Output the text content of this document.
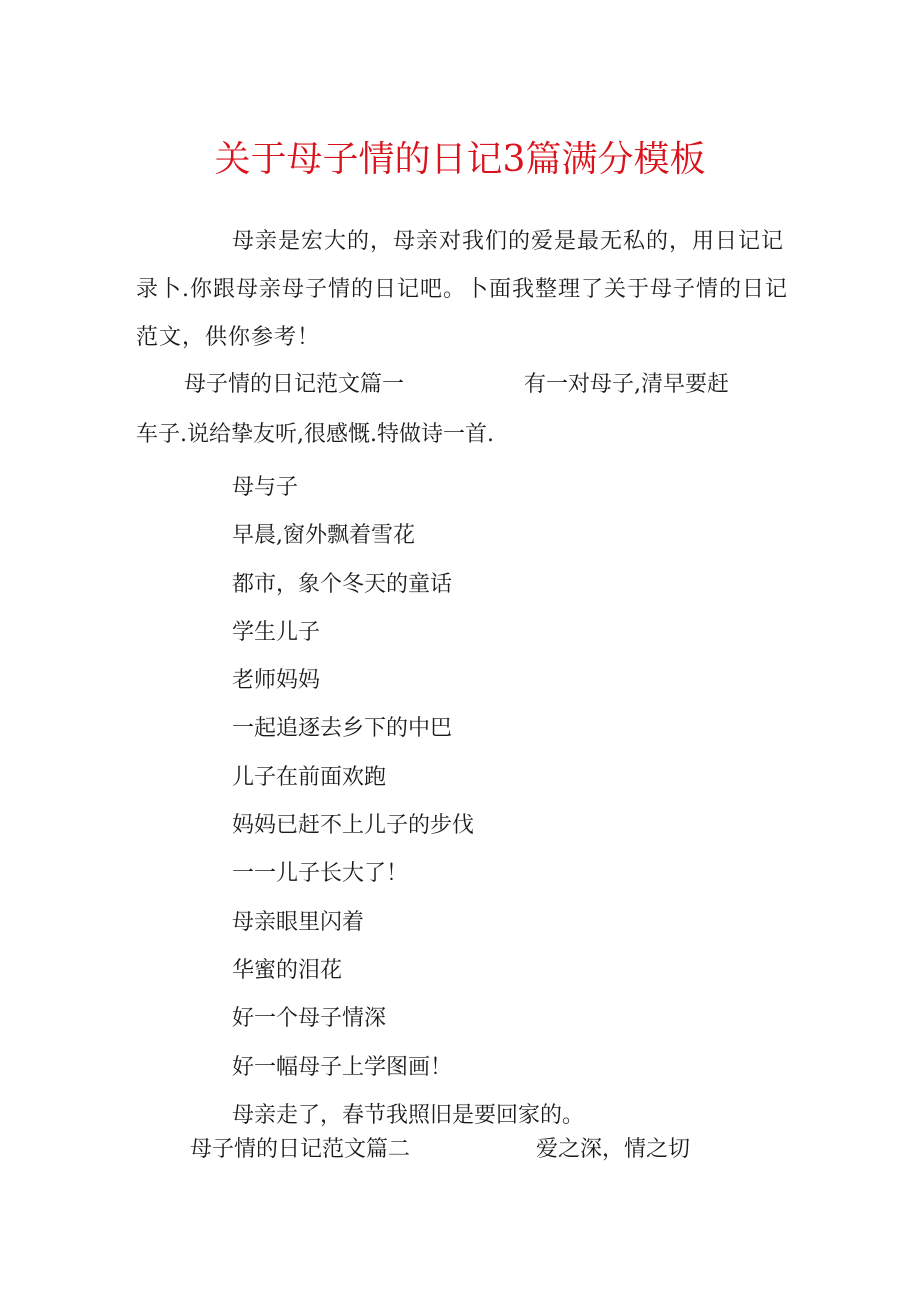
关于母子情的日记3篇满分模板
母亲是宏大的，母亲对我们的爱是最无私的，用日记记录卜.你跟母亲母子情的日记吧。卜面我整理了关于母子情的日记范文，供你参考！
母子情的日记范文篇一	有一对母子,清早要赶
车子.说给挚友听,很感慨.特做诗一首.
母与子
早晨,窗外飘着雪花
都市，象个冬天的童话
学生儿子
老师妈妈
一起追逐去乡下的中巴
儿子在前面欢跑
妈妈已赶不上儿子的步伐
一一儿子长大了！
母亲眼里闪着
华蜜的泪花
好一个母子情深
好一幅母子上学图画！
母亲走了，春节我照旧是要回家的。
母子情的日记范文篇二	爱之深，情之切
